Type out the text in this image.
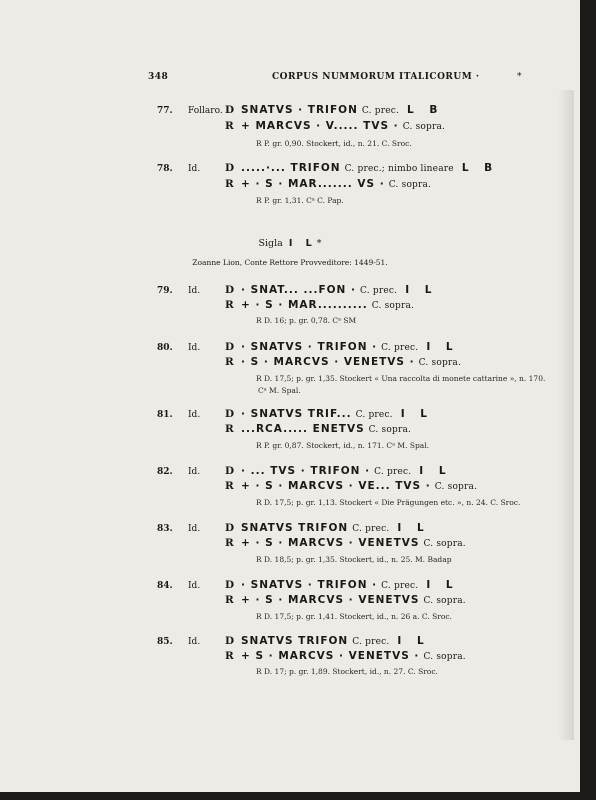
348	CORPUS NUMMORUM ITALICORUM ·	*
77. Follaro. D SNATVS · TRIFON C. prec. L B
R + MARCVS · V..... TVS · C. sopra.
R P. gr. 0,90. Stockert, id., n. 21. C. Sroc.
78. Id. D .....·... TRIFON C. prec.; nimbo lineare L B
R + · S · MAR....... VS · C. sopra.
R P. gr. 1,31. Cᵃ C. Pap.
Sigla I L*
Zoanne Lion, Conte Rettore Provveditore: 1449-51.
79. Id. D · SNAT... ...FON · C. prec. I L
R + · S · MAR.......... C. sopra.
R D. 16; p. gr. 0,78. Cᵃ SM
80. Id. D · SNATVS · TRIFON · C. prec. I L
R · S · MARCVS · VENETVS · C. sopra.
R D. 17,5; p. gr. 1,35. Stockert « Una raccolta di monete cattarine », n. 170.
Cᵃ M. Spal.
81. Id. D · SNATVS TRIF... C. prec. I L
R ...RCA..... ENETVS C. sopra.
R P. gr. 0,87. Stockert, id., n. 171. Cᵃ M. Spal.
82. Id. D · ... TVS · TRIFON · C. prec. I L
R + · S · MARCVS · VE... TVS · C. sopra.
R D. 17,5; p. gr. 1,13. Stockert « Die Prägungen etc. », n. 24. C. Sroc.
83. Id. D SNATVS TRIFON C. prec. I L
R + · S · MARCVS · VENETVS C. sopra.
R D. 18,5; p. gr. 1,35. Stockert, id., n. 25. M. Badap
84. Id. D · SNATVS · TRIFON · C. prec. I L
R + · S · MARCVS · VENETVS C. sopra.
R D. 17,5; p. gr. 1,41. Stockert, id., n. 26 a. C. Sroc.
85. Id. D SNATVS TRIFON C. prec. I L
R + S · MARCVS · VENETVS · C. sopra.
R D. 17; p. gr. 1,89. Stockert, id., n. 27. C. Sroc.
